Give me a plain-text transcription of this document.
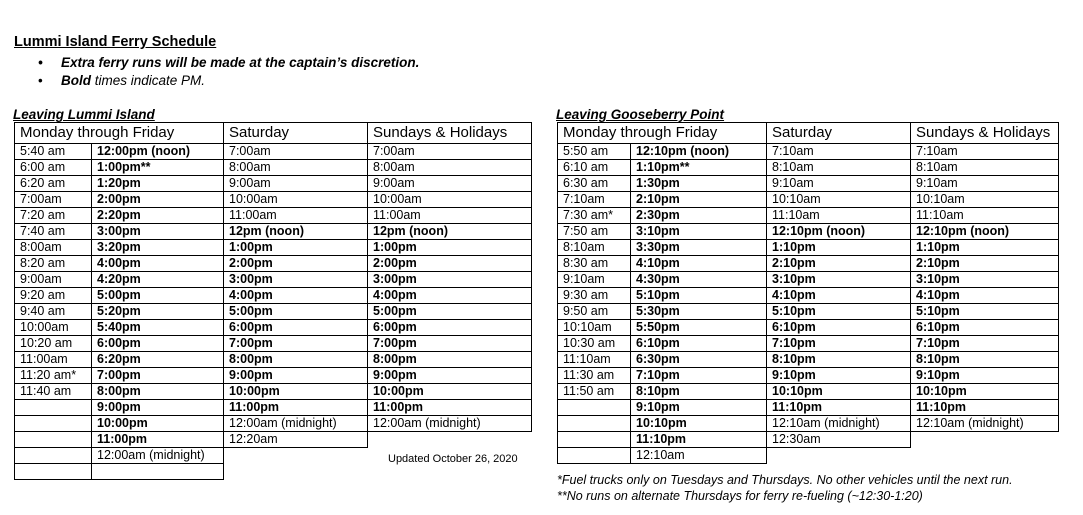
Lummi Island Ferry Schedule
• Extra ferry runs will be made at the captain’s discretion.
• Bold times indicate PM.
Leaving Lummi Island
Monday through Friday		Saturday	Sundays & Holidays
5:40 am	12:00pm (noon)	7:00am	7:00am
6:00 am	1:00pm**	8:00am	8:00am
6:20 am	1:20pm	9:00am	9:00am
7:00am	2:00pm	10:00am	10:00am
7:20 am	2:20pm	11:00am	11:00am
7:40 am	3:00pm	12pm (noon)	12pm (noon)
8:00am	3:20pm	1:00pm	1:00pm
8:20 am	4:00pm	2:00pm	2:00pm
9:00am	4:20pm	3:00pm	3:00pm
9:20 am	5:00pm	4:00pm	4:00pm
9:40 am	5:20pm	5:00pm	5:00pm
10:00am	5:40pm	6:00pm	6:00pm
10:20 am	6:00pm	7:00pm	7:00pm
11:00am	6:20pm	8:00pm	8:00pm
11:20 am*	7:00pm	9:00pm	9:00pm
11:40 am	8:00pm	10:00pm	10:00pm
	9:00pm	11:00pm	11:00pm
	10:00pm	12:00am (midnight)	12:00am (midnight)
	11:00pm	12:20am	
	12:00am (midnight)		

Leaving Gooseberry Point
Monday through Friday		Saturday	Sundays & Holidays
5:50 am	12:10pm (noon)	7:10am	7:10am
6:10 am	1:10pm**	8:10am	8:10am
6:30 am	1:30pm	9:10am	9:10am
7:10am	2:10pm	10:10am	10:10am
7:30 am*	2:30pm	11:10am	11:10am
7:50 am	3:10pm	12:10pm (noon)	12:10pm (noon)
8:10am	3:30pm	1:10pm	1:10pm
8:30 am	4:10pm	2:10pm	2:10pm
9:10am	4:30pm	3:10pm	3:10pm
9:30 am	5:10pm	4:10pm	4:10pm
9:50 am	5:30pm	5:10pm	5:10pm
10:10am	5:50pm	6:10pm	6:10pm
10:30 am	6:10pm	7:10pm	7:10pm
11:10am	6:30pm	8:10pm	8:10pm
11:30 am	7:10pm	9:10pm	9:10pm
11:50 am	8:10pm	10:10pm	10:10pm
	9:10pm	11:10pm	11:10pm
	10:10pm	12:10am (midnight)	12:10am (midnight)
	11:10pm	12:30am	
	12:10am		
Updated October 26, 2020
*Fuel trucks only on Tuesdays and Thursdays. No other vehicles until the next run.
**No runs on alternate Thursdays for ferry re-fueling (~12:30-1:20)
